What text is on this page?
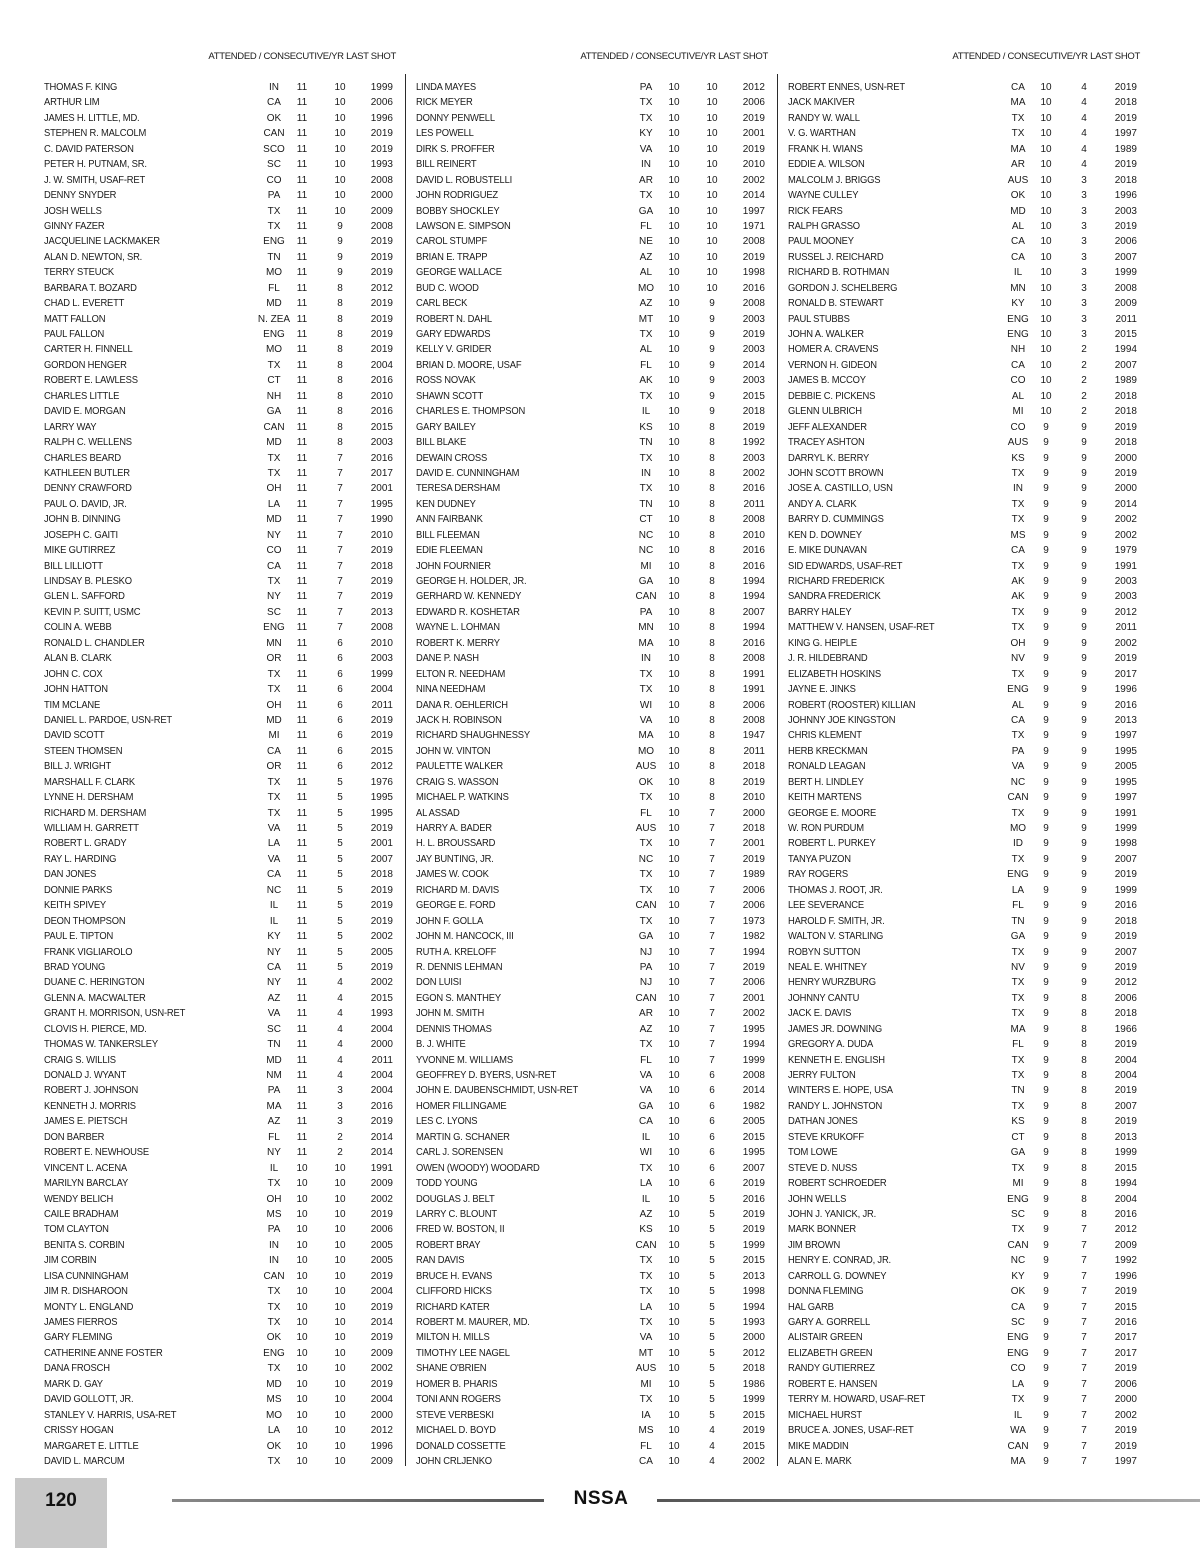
ATTENDED / CONSECUTIVE/YR LAST SHOT
THOMAS F. KING	IN	11	10	1999
ARTHUR LIM	CA	11	10	2006
JAMES H. LITTLE, MD.	OK	11	10	1996
STEPHEN R. MALCOLM	CAN	11	10	2019
C. DAVID PATERSON	SCO	11	10	2019
PETER H. PUTNAM, SR.	SC	11	10	1993
J. W. SMITH, USAF-RET	CO	11	10	2008
DENNY SNYDER	PA	11	10	2000
JOSH WELLS	TX	11	10	2009
GINNY FAZER	TX	11	9	2008
JACQUELINE LACKMAKER	ENG	11	9	2019
ALAN D. NEWTON, SR.	TN	11	9	2019
TERRY STEUCK	MO	11	9	2019
BARBARA T. BOZARD	FL	11	8	2012
CHAD L. EVERETT	MD	11	8	2019
MATT FALLON	N. ZEA 11	8	2019
PAUL FALLON	ENG	11	8	2019
CARTER H. FINNELL	MO	11	8	2019
GORDON HENGER	TX	11	8	2004
ROBERT E. LAWLESS	CT	11	8	2016
CHARLES LITTLE	NH	11	8	2010
DAVID E. MORGAN	GA	11	8	2016
LARRY WAY	CAN	11	8	2015
RALPH C. WELLENS	MD	11	8	2003
CHARLES BEARD	TX	11	7	2016
KATHLEEN BUTLER	TX	11	7	2017
DENNY CRAWFORD	OH	11	7	2001
PAUL O. DAVID, JR.	LA	11	7	1995
JOHN B. DINNING	MD	11	7	1990
JOSEPH C. GAITI	NY	11	7	2010
MIKE GUTIRREZ	CO	11	7	2019
BILL LILLIOTT	CA	11	7	2018
LINDSAY B. PLESKO	TX	11	7	2019
GLEN L. SAFFORD	NY	11	7	2019
KEVIN P. SUITT, USMC	SC	11	7	2013
COLIN A. WEBB	ENG	11	7	2008
RONALD L. CHANDLER	MN	11	6	2010
ALAN B. CLARK	OR	11	6	2003
JOHN C. COX	TX	11	6	1999
JOHN HATTON	TX	11	6	2004
TIM MCLANE	OH	11	6	2011
DANIEL L. PARDOE, USN-RET	MD	11	6	2019
DAVID SCOTT	MI	11	6	2019
STEEN THOMSEN	CA	11	6	2015
BILL J. WRIGHT	OR	11	6	2012
MARSHALL F. CLARK	TX	11	5	1976
LYNNE H. DERSHAM	TX	11	5	1995
RICHARD M. DERSHAM	TX	11	5	1995
WILLIAM H. GARRETT	VA	11	5	2019
ROBERT L. GRADY	LA	11	5	2001
RAY L. HARDING	VA	11	5	2007
DAN JONES	CA	11	5	2018
DONNIE PARKS	NC	11	5	2019
KEITH SPIVEY	IL	11	5	2019
DEON THOMPSON	IL	11	5	2019
PAUL E. TIPTON	KY	11	5	2002
FRANK VIGLIAROLO	NY	11	5	2005
BRAD YOUNG	CA	11	5	2019
DUANE C. HERINGTON	NY	11	4	2002
GLENN A. MACWALTER	AZ	11	4	2015
GRANT H. MORRISON, USN-RET	VA	11	4	1993
CLOVIS H. PIERCE, MD.	SC	11	4	2004
THOMAS W. TANKERSLEY	TN	11	4	2000
CRAIG S. WILLIS	MD	11	4	2011
DONALD J. WYANT	NM	11	4	2004
ROBERT J. JOHNSON	PA	11	3	2004
KENNETH J. MORRIS	MA	11	3	2016
JAMES E. PIETSCH	AZ	11	3	2019
DON BARBER	FL	11	2	2014
ROBERT E. NEWHOUSE	NY	11	2	2014
VINCENT L. ACENA	IL	10	10	1991
MARILYN BARCLAY	TX	10	10	2009
WENDY BELICH	OH	10	10	2002
CAILE BRADHAM	MS	10	10	2019
TOM CLAYTON	PA	10	10	2006
BENITA S. CORBIN	IN	10	10	2005
JIM CORBIN	IN	10	10	2005
LISA CUNNINGHAM	CAN	10	10	2019
JIM R. DISHAROON	TX	10	10	2004
MONTY L. ENGLAND	TX	10	10	2019
JAMES FIERROS	TX	10	10	2014
GARY FLEMING	OK	10	10	2019
CATHERINE ANNE FOSTER	ENG	10	10	2009
DANA FROSCH	TX	10	10	2002
MARK D. GAY	MD	10	10	2019
DAVID GOLLOTT, JR.	MS	10	10	2004
STANLEY V. HARRIS, USA-RET	MO	10	10	2000
CRISSY HOGAN	LA	10	10	2012
MARGARET E. LITTLE	OK	10	10	1996
DAVID L. MARCUM	TX	10	10	2009
ATTENDED / CONSECUTIVE/YR LAST SHOT
LINDA MAYES	PA	10	10	2012
RICK MEYER	TX	10	10	2006
DONNY PENWELL	TX	10	10	2019
LES POWELL	KY	10	10	2001
DIRK S. PROFFER	VA	10	10	2019
BILL REINERT	IN	10	10	2010
DAVID L. ROBUSTELLI	AR	10	10	2002
JOHN RODRIGUEZ	TX	10	10	2014
BOBBY SHOCKLEY	GA	10	10	1997
LAWSON E. SIMPSON	FL	10	10	1971
CAROL STUMPF	NE	10	10	2008
BRIAN E. TRAPP	AZ	10	10	2019
GEORGE WALLACE	AL	10	10	1998
BUD C. WOOD	MO	10	10	2016
CARL BECK	AZ	10	9	2008
ROBERT N. DAHL	MT	10	9	2003
GARY EDWARDS	TX	10	9	2019
KELLY V. GRIDER	AL	10	9	2003
BRIAN D. MOORE, USAF	FL	10	9	2014
ROSS NOVAK	AK	10	9	2003
SHAWN SCOTT	TX	10	9	2015
CHARLES E. THOMPSON	IL	10	9	2018
GARY BAILEY	KS	10	8	2019
BILL BLAKE	TN	10	8	1992
DEWAIN CROSS	TX	10	8	2003
DAVID E. CUNNINGHAM	IN	10	8	2002
TERESA DERSHAM	TX	10	8	2016
KEN DUDNEY	TN	10	8	2011
ANN FAIRBANK	CT	10	8	2008
BILL FLEEMAN	NC	10	8	2010
EDIE FLEEMAN	NC	10	8	2016
JOHN FOURNIER	MI	10	8	2016
GEORGE H. HOLDER, JR.	GA	10	8	1994
GERHARD W. KENNEDY	CAN	10	8	1994
EDWARD R. KOSHETAR	PA	10	8	2007
WAYNE L. LOHMAN	MN	10	8	1994
ROBERT K. MERRY	MA	10	8	2016
DANE P. NASH	IN	10	8	2008
ELTON R. NEEDHAM	TX	10	8	1991
NINA NEEDHAM	TX	10	8	1991
DANA R. OEHLERICH	WI	10	8	2006
JACK H. ROBINSON	VA	10	8	2008
RICHARD SHAUGHNESSY	MA	10	8	1947
JOHN W. VINTON	MO	10	8	2011
PAULETTE WALKER	AUS	10	8	2018
CRAIG S. WASSON	OK	10	8	2019
MICHAEL P. WATKINS	TX	10	8	2010
AL ASSAD	FL	10	7	2000
HARRY A. BADER	AUS	10	7	2018
H. L. BROUSSARD	TX	10	7	2001
JAY BUNTING, JR.	NC	10	7	2019
JAMES W. COOK	TX	10	7	1989
RICHARD M. DAVIS	TX	10	7	2006
GEORGE E. FORD	CAN	10	7	2006
JOHN F. GOLLA	TX	10	7	1973
JOHN M. HANCOCK, III	GA	10	7	1982
RUTH A. KRELOFF	NJ	10	7	1994
R. DENNIS LEHMAN	PA	10	7	2019
DON LUISI	NJ	10	7	2006
EGON S. MANTHEY	CAN	10	7	2001
JOHN M. SMITH	AR	10	7	2002
DENNIS THOMAS	AZ	10	7	1995
B. J. WHITE	TX	10	7	1994
YVONNE M. WILLIAMS	FL	10	7	1999
GEOFFREY D. BYERS, USN-RET	VA	10	6	2008
JOHN E. DAUBENSCHMIDT, USN-RET	VA	10	6	2014
HOMER FILLINGAME	GA	10	6	1982
LES C. LYONS	CA	10	6	2005
MARTIN G. SCHANER	IL	10	6	2015
CARL J. SORENSEN	WI	10	6	1995
OWEN (WOODY) WOODARD	TX	10	6	2007
TODD YOUNG	LA	10	6	2019
DOUGLAS J. BELT	IL	10	5	2016
LARRY C. BLOUNT	AZ	10	5	2019
FRED W. BOSTON, II	KS	10	5	2019
ROBERT BRAY	CAN	10	5	1999
RAN DAVIS	TX	10	5	2015
BRUCE H. EVANS	TX	10	5	2013
CLIFFORD HICKS	TX	10	5	1998
RICHARD KATER	LA	10	5	1994
ROBERT M. MAURER, MD.	TX	10	5	1993
MILTON H. MILLS	VA	10	5	2000
TIMOTHY LEE NAGEL	MT	10	5	2012
SHANE O'BRIEN	AUS	10	5	2018
HOMER B. PHARIS	MI	10	5	1986
TONI ANN ROGERS	TX	10	5	1999
STEVE VERBESKI	IA	10	5	2015
MICHAEL D. BOYD	MS	10	4	2019
DONALD COSSETTE	FL	10	4	2015
JOHN CRLJENKO	CA	10	4	2002
ATTENDED / CONSECUTIVE/YR LAST SHOT
ROBERT ENNES, USN-RET	CA	10	4	2019
JACK MAKIVER	MA	10	4	2018
RANDY W. WALL	TX	10	4	2019
V. G. WARTHAN	TX	10	4	1997
FRANK H. WIANS	MA	10	4	1989
EDDIE A. WILSON	AR	10	4	2019
MALCOLM J. BRIGGS	AUS	10	3	2018
WAYNE CULLEY	OK	10	3	1996
RICK FEARS	MD	10	3	2003
RALPH GRASSO	AL	10	3	2019
PAUL MOONEY	CA	10	3	2006
RUSSEL J. REICHARD	CA	10	3	2007
RICHARD B. ROTHMAN	IL	10	3	1999
GORDON J. SCHELBERG	MN	10	3	2008
RONALD B. STEWART	KY	10	3	2009
PAUL STUBBS	ENG	10	3	2011
JOHN A. WALKER	ENG	10	3	2015
HOMER A. CRAVENS	NH	10	2	1994
VERNON H. GIDEON	CA	10	2	2007
JAMES B. MCCOY	CO	10	2	1989
DEBBIE C. PICKENS	AL	10	2	2018
GLENN ULBRICH	MI	10	2	2018
JEFF ALEXANDER	CO	9	9	2019
TRACEY ASHTON	AUS	9	9	2018
DARRYL K. BERRY	KS	9	9	2000
JOHN SCOTT BROWN	TX	9	9	2019
JOSE A. CASTILLO, USN	IN	9	9	2000
ANDY A. CLARK	TX	9	9	2014
BARRY D. CUMMINGS	TX	9	9	2002
KEN D. DOWNEY	MS	9	9	2002
E. MIKE DUNAVAN	CA	9	9	1979
SID EDWARDS, USAF-RET	TX	9	9	1991
RICHARD FREDERICK	AK	9	9	2003
SANDRA FREDERICK	AK	9	9	2003
BARRY HALEY	TX	9	9	2012
MATTHEW V. HANSEN, USAF-RET	TX	9	9	2011
KING G. HEIPLE	OH	9	9	2002
J. R. HILDEBRAND	NV	9	9	2019
ELIZABETH HOSKINS	TX	9	9	2017
JAYNE E. JINKS	ENG	9	9	1996
ROBERT (ROOSTER) KILLIAN	AL	9	9	2016
JOHNNY JOE KINGSTON	CA	9	9	2013
CHRIS KLEMENT	TX	9	9	1997
HERB KRECKMAN	PA	9	9	1995
RONALD LEAGAN	VA	9	9	2005
BERT H. LINDLEY	NC	9	9	1995
KEITH MARTENS	CAN	9	9	1997
GEORGE E. MOORE	TX	9	9	1991
W. RON PURDUM	MO	9	9	1999
ROBERT L. PURKEY	ID	9	9	1998
TANYA PUZON	TX	9	9	2007
RAY ROGERS	ENG	9	9	2019
THOMAS J. ROOT, JR.	LA	9	9	1999
LEE SEVERANCE	FL	9	9	2016
HAROLD F. SMITH, JR.	TN	9	9	2018
WALTON V. STARLING	GA	9	9	2019
ROBYN SUTTON	TX	9	9	2007
NEAL E. WHITNEY	NV	9	9	2019
HENRY WURZBURG	TX	9	9	2012
JOHNNY CANTU	TX	9	8	2006
JACK E. DAVIS	TX	9	8	2018
JAMES JR. DOWNING	MA	9	8	1966
GREGORY A. DUDA	FL	9	8	2019
KENNETH E. ENGLISH	TX	9	8	2004
JERRY FULTON	TX	9	8	2004
WINTERS E. HOPE, USA	TN	9	8	2019
RANDY L. JOHNSTON	TX	9	8	2007
DATHAN JONES	KS	9	8	2019
STEVE KRUKOFF	CT	9	8	2013
TOM LOWE	GA	9	8	1999
STEVE D. NUSS	TX	9	8	2015
ROBERT SCHROEDER	MI	9	8	1994
JOHN WELLS	ENG	9	8	2004
JOHN J. YANICK, JR.	SC	9	8	2016
MARK BONNER	TX	9	7	2012
JIM BROWN	CAN	9	7	2009
HENRY E. CONRAD, JR.	NC	9	7	1992
CARROLL G. DOWNEY	KY	9	7	1996
DONNA FLEMING	OK	9	7	2019
HAL GARB	CA	9	7	2015
GARY A. GORRELL	SC	9	7	2016
ALISTAIR GREEN	ENG	9	7	2017
ELIZABETH GREEN	ENG	9	7	2017
RANDY GUTIERREZ	CO	9	7	2019
ROBERT E. HANSEN	LA	9	7	2006
TERRY M. HOWARD, USAF-RET	TX	9	7	2000
MICHAEL HURST	IL	9	7	2002
BRUCE A. JONES, USAF-RET	WA	9	7	2019
MIKE MADDIN	CAN	9	7	2019
ALAN E. MARK	MA	9	7	1997
120	NSSA
